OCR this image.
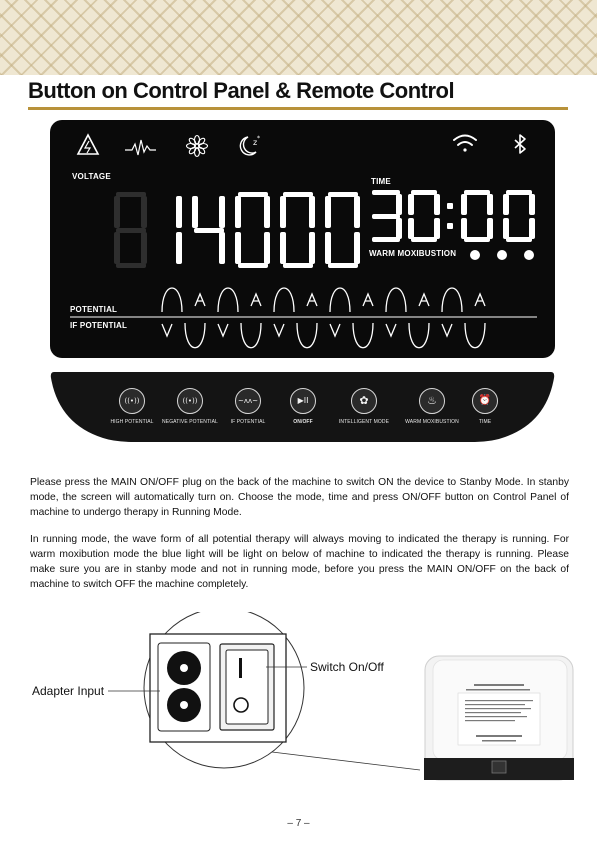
Button on Control Panel & Remote Control
z *
VOLTAGE
TIME
WARM MOXIBUSTION
POTENTIAL
IF POTENTIAL
((•))
HIGH POTENTIAL
((•))
NEGATIVE POTENTIAL
~ʌʌ~
IF POTENTIAL
▶II
ON/OFF
✿
INTELLIGENT MODE
♨
WARM MOXIBUSTION
⏰
TIME

Please press the MAIN ON/OFF plug on the back of the machine to switch ON the device to Stanby Mode. In stanby mode, the screen will automatically turn on. Choose the mode, time and press ON/OFF button on Control Panel of machine to undergo therapy in Running Mode.

In running mode, the wave form of all potential therapy will always moving to indicated the therapy is running. For warm moxibution mode the blue light will be light on below of machine to indicated the therapy is running. Please make sure you are in stanby mode and not in running mode, before you press the MAIN ON/OFF on the back of machine to switch OFF the machine completely.

Adapter Input
Switch On/Off
– 7 –
